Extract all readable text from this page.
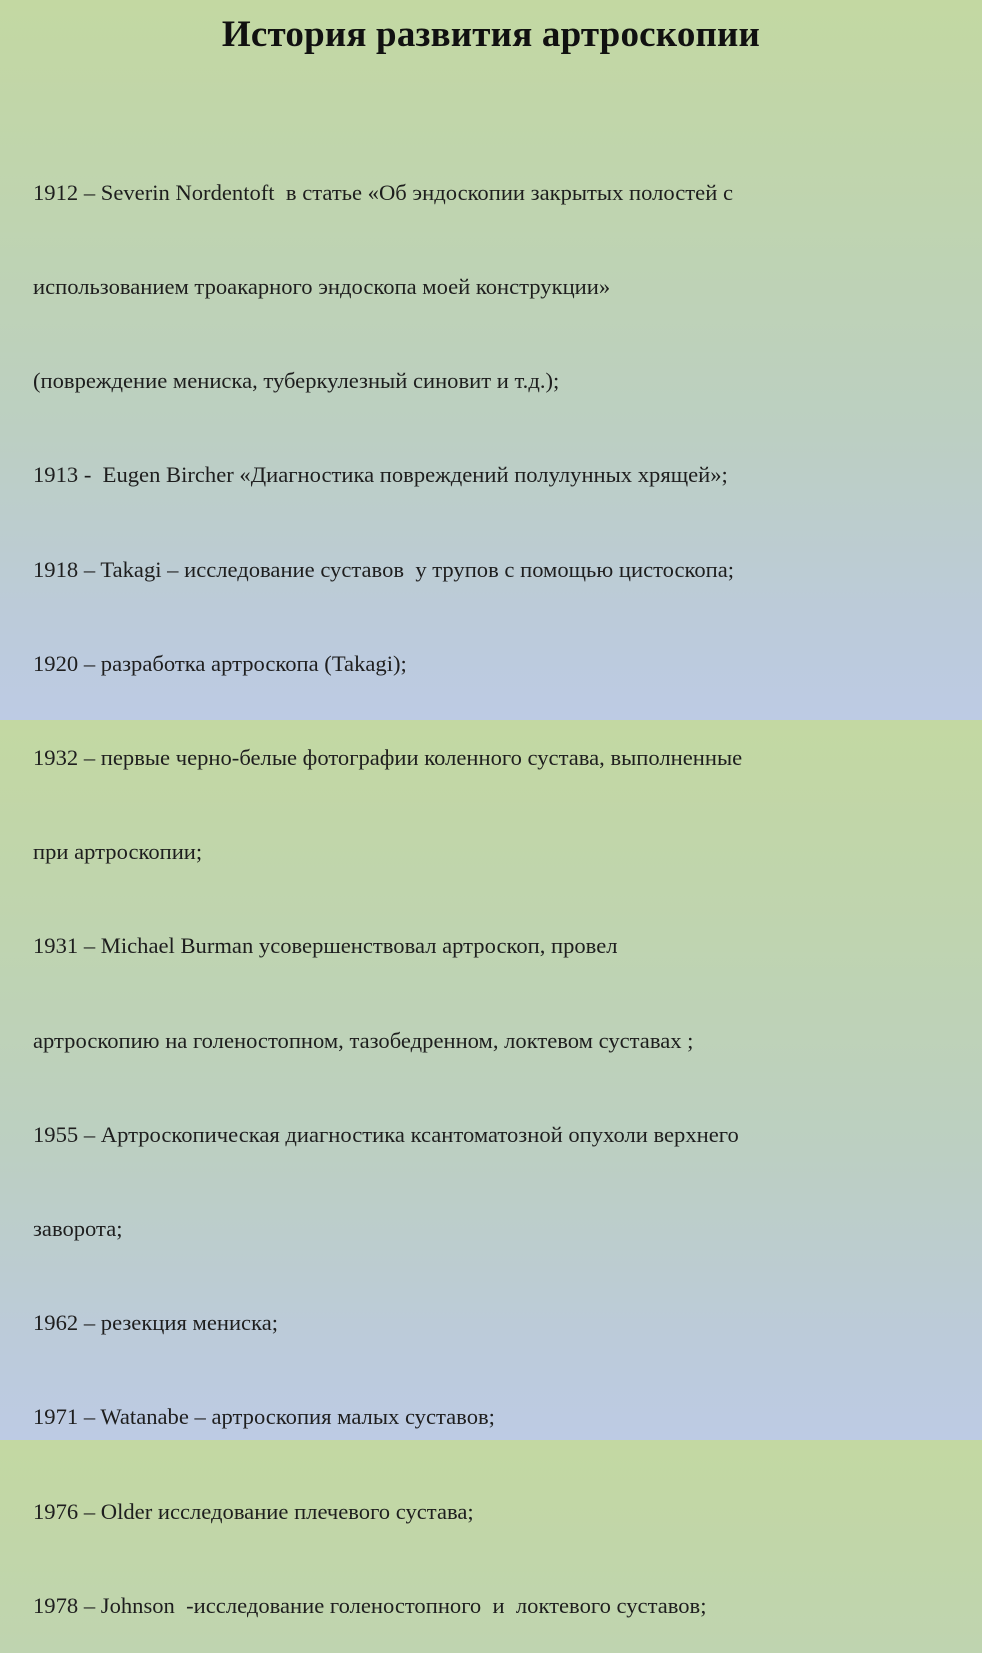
История развития артроскопии

1912 – Severin Nordentoft  в статье «Об эндоскопии закрытых полостей с

использованием троакарного эндоскопа моей конструкции»

(повреждение мениска, туберкулезный синовит и т.д.);

1913 -  Eugen Bircher «Диагностика повреждений полулунных хрящей»;

1918 – Takagi – исследование суставов  у трупов с помощью цистоскопа;

1920 – разработка артроскопа (Takagi);

1932 – первые черно-белые фотографии коленного сустава, выполненные

при артроскопии;

1931 – Michael Burman усовершенствовал артроскоп, провел

артроскопию на голеностопном, тазобедренном, локтевом суставах ;

1955 – Артроскопическая диагностика ксантоматозной опухоли верхнего

заворота;

1962 – резекция мениска;

1971 – Watanabe – артроскопия малых суставов;

1976 – Older исследование плечевого сустава;

1978 – Johnson  -исследование голеностопного  и  локтевого суставов;
